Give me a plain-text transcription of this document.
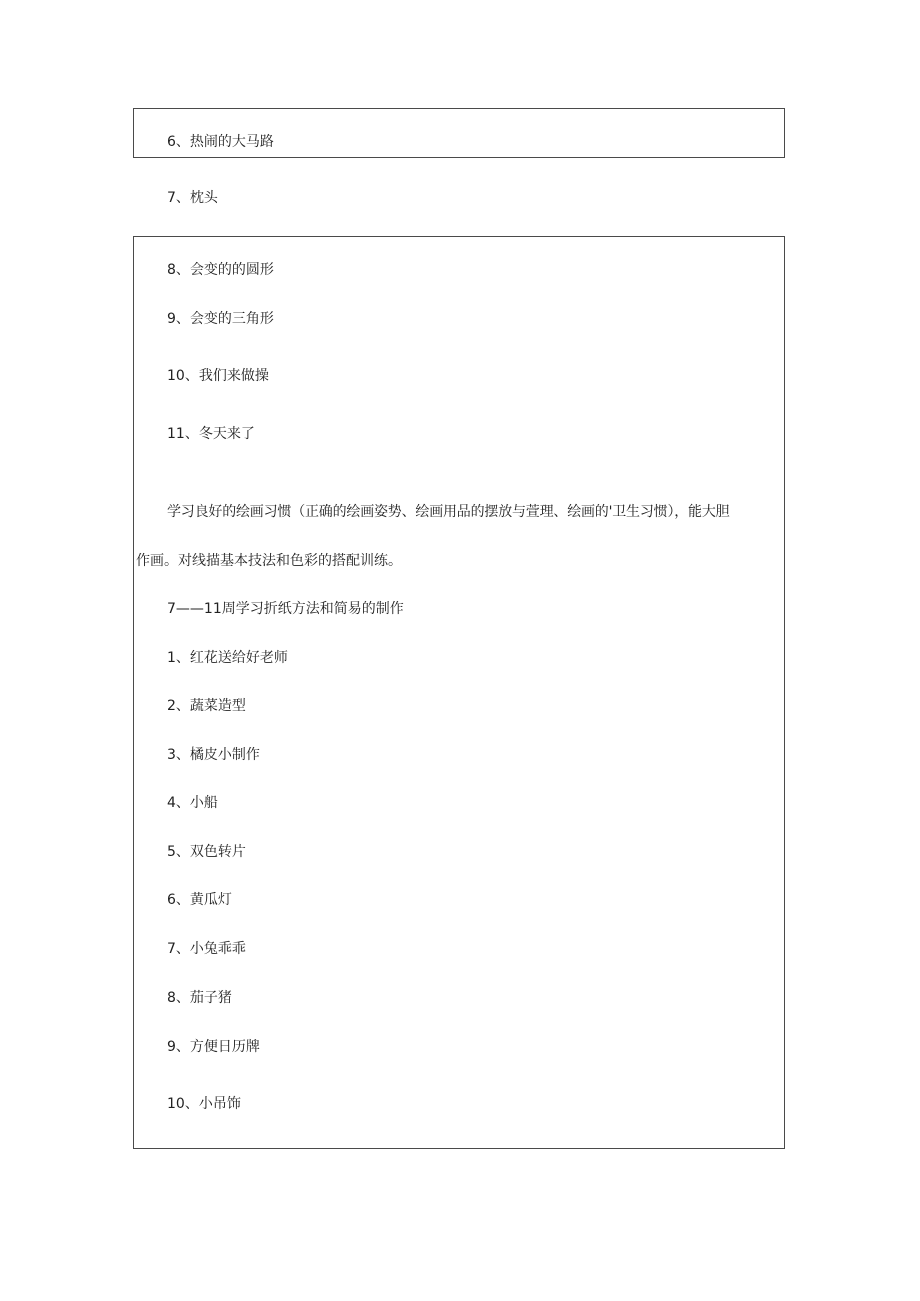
6、热闹的大马路
7、枕头
8、会变的的圆形
9、会变的三角形
10、我们来做操
11、冬天来了
学习良好的绘画习惯（正确的绘画姿势、绘画用品的摆放与萱理、绘画的'卫生习惯），能大胆
作画。对线描基本技法和色彩的搭配训练。
7——11周学习折纸方法和简易的制作
1、红花送给好老师
2、蔬菜造型
3、橘皮小制作
4、小船
5、双色转片
6、黄瓜灯
7、小兔乖乖
8、茄子猪
9、方便日历牌
10、小吊饰
